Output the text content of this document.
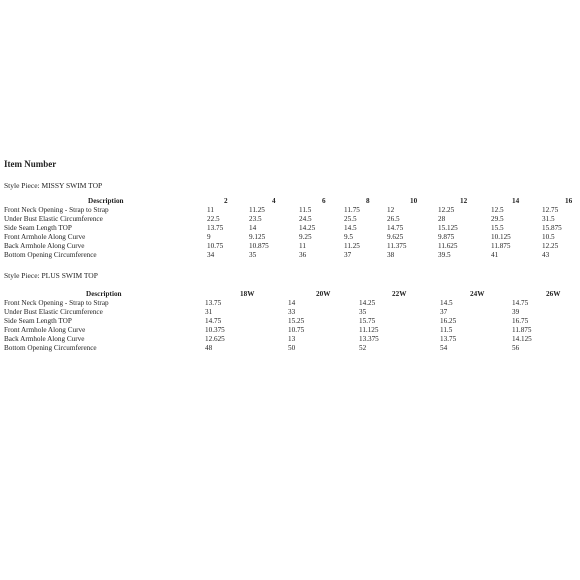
Item Number
Style Piece: MISSY SWIM TOP
Description	2	4	6	8	10	12	14	16
Front Neck Opening - Strap to Strap	11	11.25	11.5	11.75	12	12.25	12.5	12.75
Under Bust Elastic Circumference	22.5	23.5	24.5	25.5	26.5	28	29.5	31.5
Side Seam Length TOP	13.75	14	14.25	14.5	14.75	15.125	15.5	15.875
Front Armhole Along Curve	9	9.125	9.25	9.5	9.625	9.875	10.125	10.5
Back Armhole Along Curve	10.75	10.875	11	11.25	11.375	11.625	11.875	12.25
Bottom Opening Circumference	34	35	36	37	38	39.5	41	43
Style Piece: PLUS SWIM TOP
Description	18W	20W	22W	24W	26W
Front Neck Opening - Strap to Strap	13.75	14	14.25	14.5	14.75
Under Bust Elastic Circumference	31	33	35	37	39
Side Seam Length TOP	14.75	15.25	15.75	16.25	16.75
Front Armhole Along Curve	10.375	10.75	11.125	11.5	11.875
Back Armhole Along Curve	12.625	13	13.375	13.75	14.125
Bottom Opening Circumference	48	50	52	54	56
